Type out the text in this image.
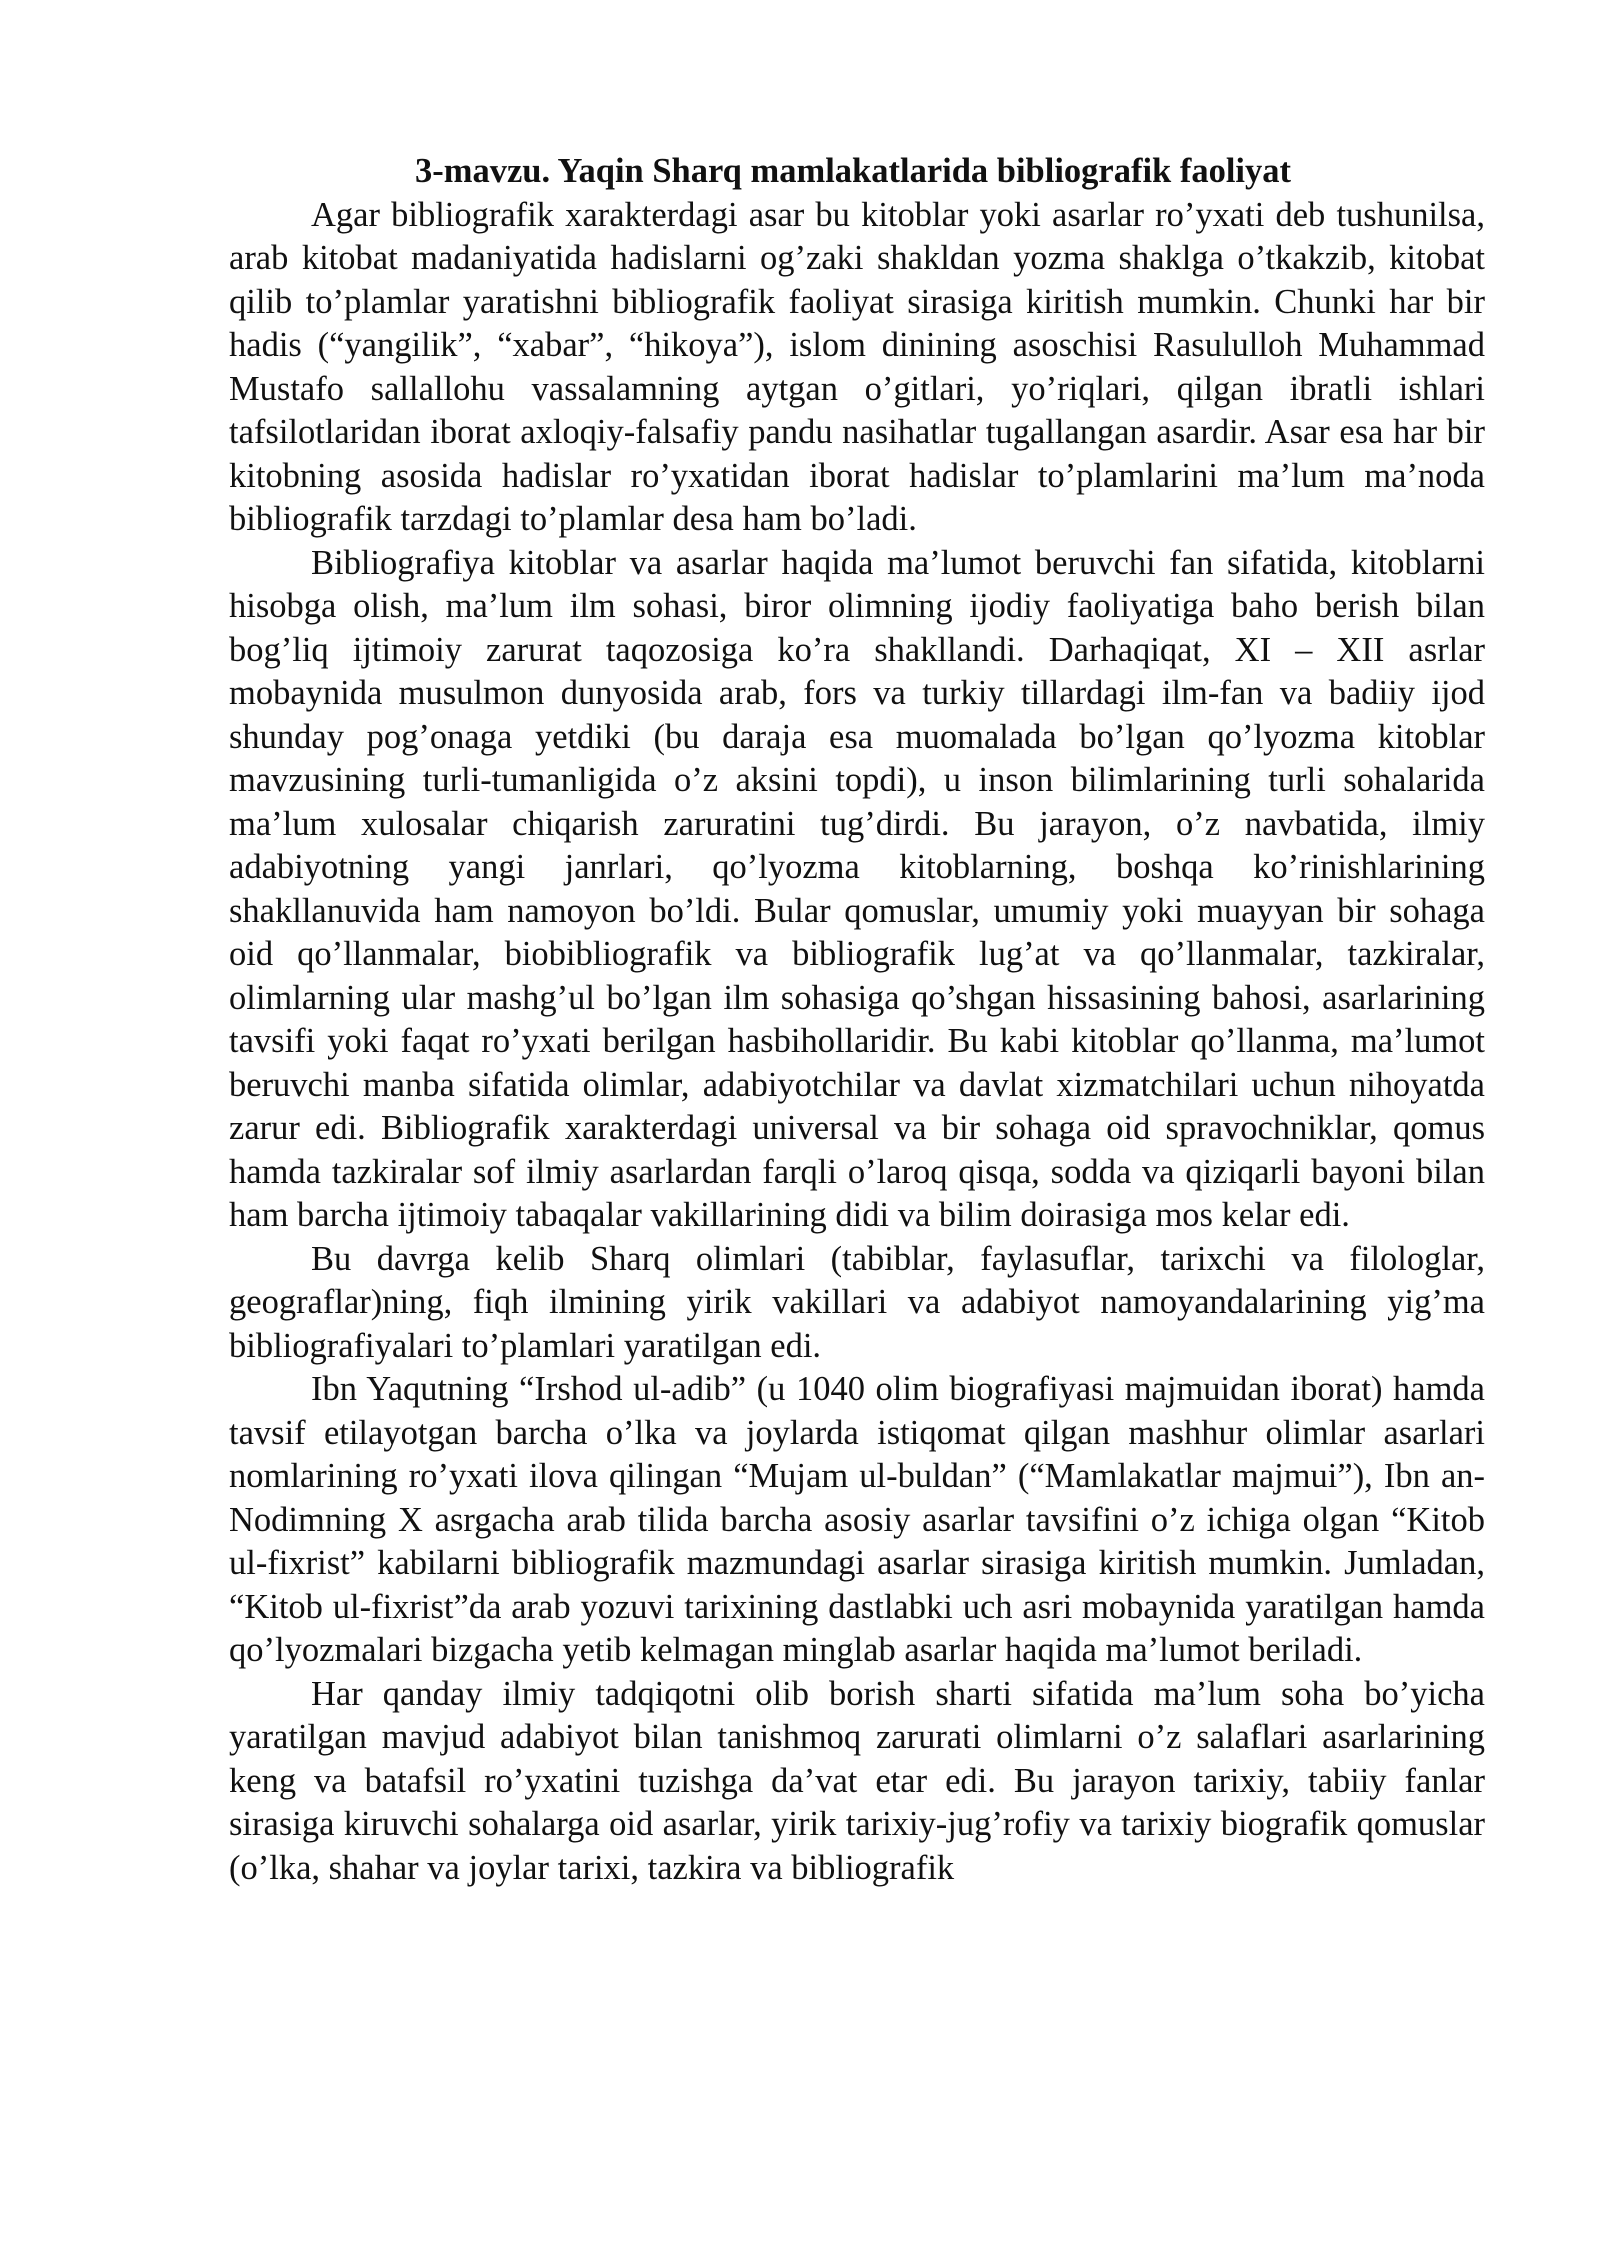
3-mavzu. Yaqin Sharq mamlakatlarida bibliografik faoliyat

Agar bibliografik xarakterdagi asar bu kitoblar yoki asarlar ro’yxati deb tushunilsa, arab kitobat madaniyatida hadislarni og’zaki shakldan yozma shaklga o’tkakzib, kitobat qilib to’plamlar yaratishni bibliografik faoliyat sirasiga kiritish mumkin. Chunki har bir hadis (“yangilik”, “xabar”, “hikoya”), islom dinining asoschisi Rasululloh Muhammad Mustafo sallallohu vassalamning aytgan o’gitlari, yo’riqlari, qilgan ibratli ishlari tafsilotlaridan iborat axloqiy-falsafiy pandu nasihatlar tugallangan asardir. Asar esa har bir kitobning asosida hadislar ro’yxatidan iborat hadislar to’plamlarini ma’lum ma’noda bibliografik tarzdagi to’plamlar desa ham bo’ladi.

Bibliografiya kitoblar va asarlar haqida ma’lumot beruvchi fan sifatida, kitoblarni hisobga olish, ma’lum ilm sohasi, biror olimning ijodiy faoliyatiga baho berish bilan bog’liq ijtimoiy zarurat taqozosiga ko’ra shakllandi. Darhaqiqat, XI – XII asrlar mobaynida musulmon dunyosida arab, fors va turkiy tillardagi ilm-fan va badiiy ijod shunday pog’onaga yetdiki (bu daraja esa muomalada bo’lgan qo’lyozma kitoblar mavzusining turli-tumanligida o’z aksini topdi), u inson bilimlarining turli sohalarida ma’lum xulosalar chiqarish zaruratini tug’dirdi. Bu jarayon, o’z navbatida, ilmiy adabiyotning yangi janrlari, qo’lyozma kitoblarning, boshqa ko’rinishlarining shakllanuvida ham namoyon bo’ldi. Bular qomuslar, umumiy yoki muayyan bir sohaga oid qo’llanmalar, biobibliografik va bibliografik lug’at va qo’llanmalar, tazkiralar, olimlarning ular mashg’ul bo’lgan ilm sohasiga qo’shgan hissasining bahosi, asarlarining tavsifi yoki faqat ro’yxati berilgan hasbihollaridir. Bu kabi kitoblar qo’llanma, ma’lumot beruvchi manba sifatida olimlar, adabiyotchilar va davlat xizmatchilari uchun nihoyatda zarur edi. Bibliografik xarakterdagi universal va bir sohaga oid spravochniklar, qomus hamda tazkiralar sof ilmiy asarlardan farqli o’laroq qisqa, sodda va qiziqarli bayoni bilan ham barcha ijtimoiy tabaqalar vakillarining didi va bilim doirasiga mos kelar edi.

Bu davrga kelib Sharq olimlari (tabiblar, faylasuflar, tarixchi va filologlar, geograflar)ning, fiqh ilmining yirik vakillari va adabiyot namoyandalarining yig’ma bibliografiyalari to’plamlari yaratilgan edi.

Ibn Yaqutning “Irshod ul-adib” (u 1040 olim biografiyasi majmuidan iborat) hamda tavsif etilayotgan barcha o’lka va joylarda istiqomat qilgan mashhur olimlar asarlari nomlarining ro’yxati ilova qilingan “Mujam ul-buldan” (“Mamlakatlar majmui”), Ibn an-Nodimning X asrgacha arab tilida barcha asosiy asarlar tavsifini o’z ichiga olgan “Kitob ul-fixrist” kabilarni bibliografik mazmundagi asarlar sirasiga kiritish mumkin. Jumladan, “Kitob ul-fixrist”da arab yozuvi tarixining dastlabki uch asri mobaynida yaratilgan hamda qo’lyozmalari bizgacha yetib kelmagan minglab asarlar haqida ma’lumot beriladi.

Har qanday ilmiy tadqiqotni olib borish sharti sifatida ma’lum soha bo’yicha yaratilgan mavjud adabiyot bilan tanishmoq zarurati olimlarni o’z salaflari asarlarining keng va batafsil ro’yxatini tuzishga da’vat etar edi. Bu jarayon tarixiy, tabiiy fanlar sirasiga kiruvchi sohalarga oid asarlar, yirik tarixiy-jug’rofiy va tarixiy biografik qomuslar (o’lka, shahar va joylar tarixi, tazkira va bibliografik
